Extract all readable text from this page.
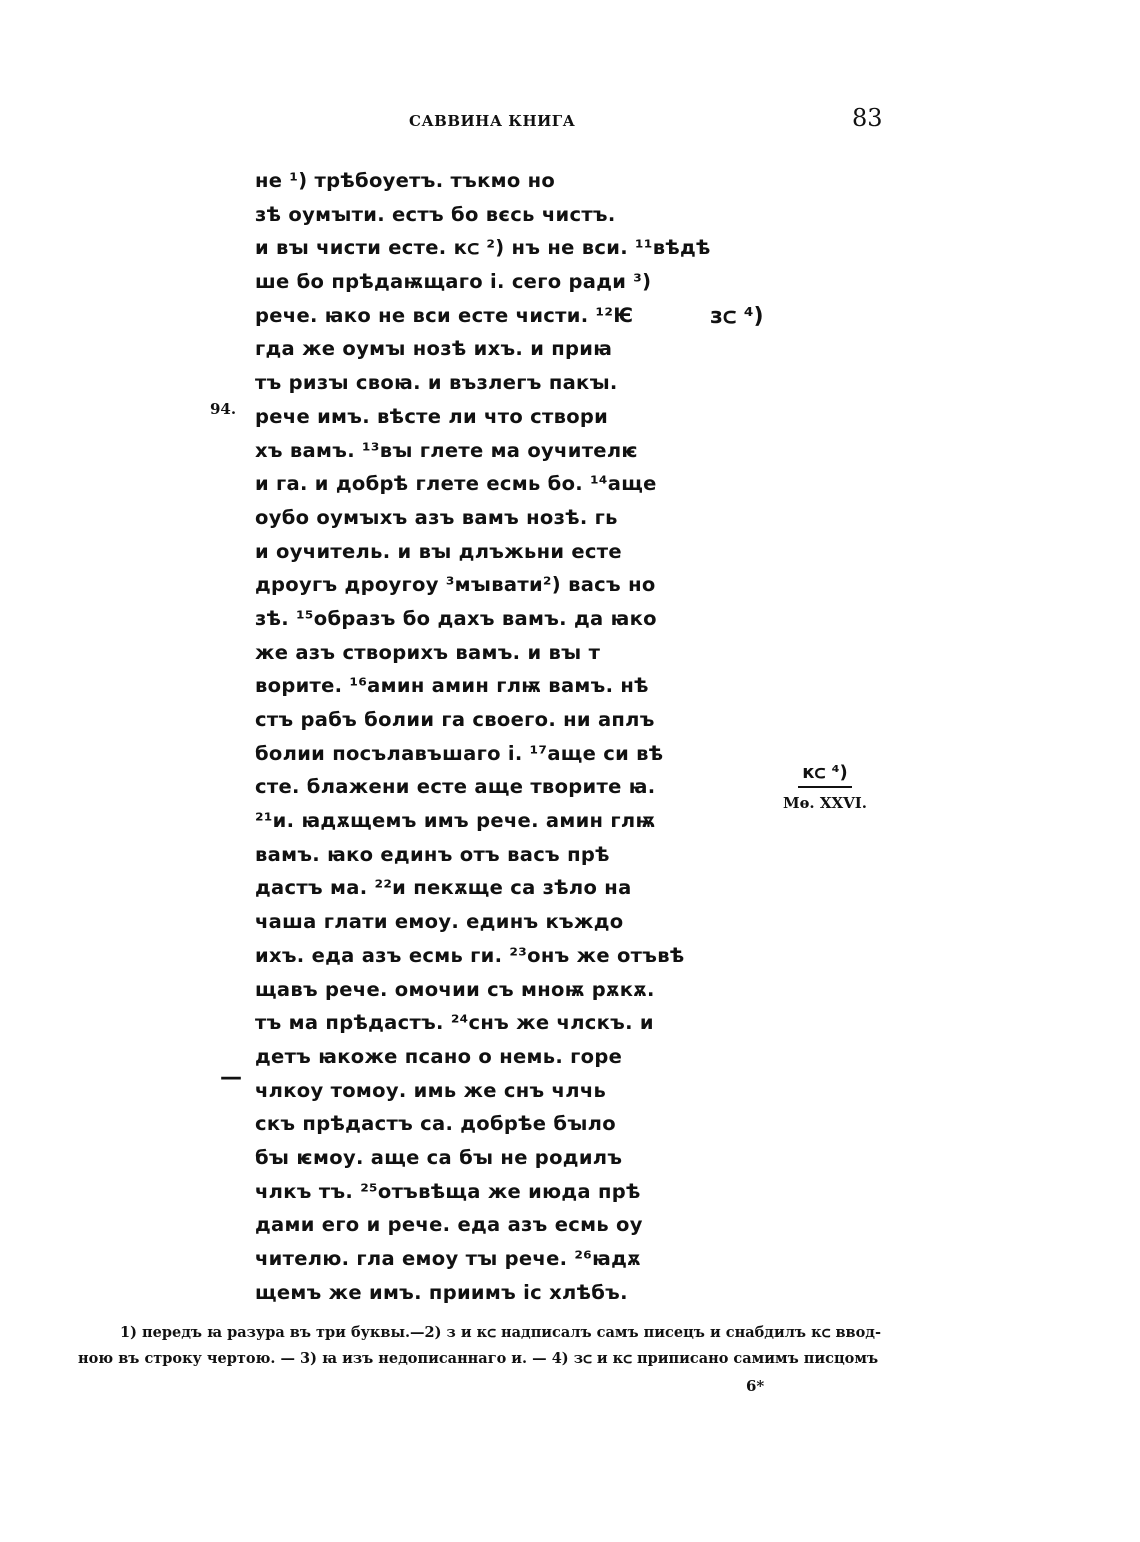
САВВИНА КНИГА	83
94.
—
не ¹) трѣбоуетъ. тъкмо но
зѣ оумꙑти. естъ бо вєсь чистъ.
и вꙑ чисти есте. кᲃ ²) нъ не вси. ¹¹вѣдѣ
ше бо прѣдаѭщаго і. сего ради ³)
рече. ꙗко не вси есте чисти. ¹²Ѥ
гда же оумꙑ нозѣ ихъ. и приꙗ
тъ ризꙑ своꙗ. и възлегъ пакꙑ.
рече имъ. вѣсте ли что створи
хъ вамъ. ¹³вꙑ глете ма оучителѥ
и га. и добрѣ глете есмь бо. ¹⁴аще
оубо оумꙑхъ азъ вамъ нозѣ. гь
и оучитель. и вꙑ длъжьни есте
дроугъ дроугоу ³мꙑвати²) васъ но
зѣ. ¹⁵образъ бо дахъ вамъ. да ꙗко
же азъ створихъ вамъ. и вꙑ т
ворите. ¹⁶амин амин глѭ вамъ. нѣ
стъ рабъ болии га своего. ни аплъ
болии посълавъшаго і. ¹⁷аще си вѣ
сте. блажени есте аще творите ꙗ.
²¹и. ꙗдѫщемъ имъ рече. амин глѭ
вамъ. ꙗко единъ отъ васъ прѣ
дастъ ма. ²²и пекѫще са зѣло на
чаша глати емоу. единъ къждо
ихъ. еда азъ есмь ги. ²³онъ же отъвѣ
щавъ рече. омочии съ мноѭ рѫкѫ.
тъ ма прѣдастъ. ²⁴снъ же члскъ. и
детъ ꙗкоже псано о немь. горе
члкоу томоу. имь же снъ члчь
скъ прѣдастъ са. добрѣе бꙑло
бꙑ ѥмоу. аще са бꙑ не родилъ
члкъ тъ. ²⁵отъвѣща же июда прѣ
дами его и рече. еда азъ есмь оу
чителю. гла емоу тꙑ рече. ²⁶ꙗдѫ
щемъ же имъ. приимъ іс хлѣбъ.
зᲃ ⁴)
кᲃ ⁴)
Мѳ. XXVI.
1) передъ ꙗ разура въ три буквы.—2) з и кᲃ надписалъ самъ писецъ и снабдилъ кᲃ ввод-
ною въ строку чертою. — 3) ꙗ изъ недописаннаго и. — 4) зᲃ и кᲃ приписано самимъ писцомъ
6*
